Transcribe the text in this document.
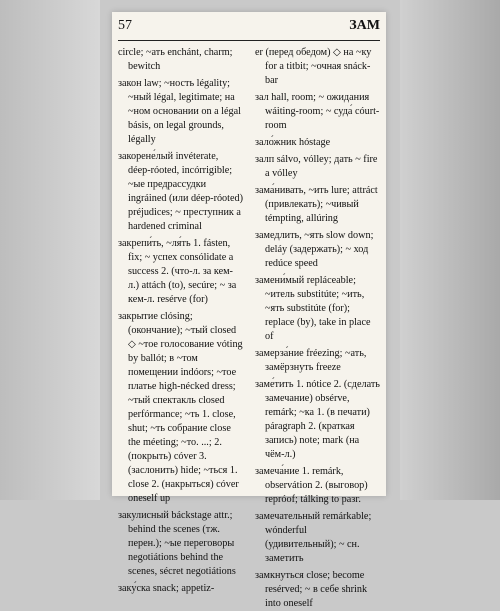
57	ЗАМ

circle; ~ать enchánt, charm; bewitch

закон law; ~ность légality; ~ный légal, legitimate; на ~ном основании on a légal básis, on legal grounds, légally

закорене́лый invéterate, déep-róoted, incórrigible; ~ые предрассудки ingráined (или déep-róoted) préjudices; ~ преступник a hardened criminal

закрепи́ть, ~ля́ть 1. fásten, fix; ~ успех consólidate a success 2. (что-л. за кем-л.) attách (to), secúre; ~ за кем-л. resérve (for)

закрытие clósing; (окончание); ~тый closed ◇ ~тое голосование vóting by ballót; в ~том помещении indóors; ~тое платье high-nécked dress; ~тый спектакль closed perfórmance; ~ть 1. close, shut; ~ть собрание close the méeting; ~то. ...; 2. (покрыть) cóver 3. (заслонить) hide; ~ться 1. close 2. (накрыться) cóver oneself up

закулисный báckstage attr.; behind the scenes (тж. перен.); ~ые переговоры negotiátions behind the scenes, sécret negotiátions

заку́ска snack; appetiz-

er (перед обедом) ◇ на ~ку for a titbit; ~очная snáck-bar

зал hall, room; ~ ожидания wáiting-room; ~ суда́ cóurt-room

зало́жник hóstage

залп sálvo, vólley; дать ~ fire a vólley

зама́нивать, ~ить lure; attráct (привлекать); ~чивый témpting, allúring

замедлить, ~ять slow down; deláy (задержать); ~ ход redúce speed

замени́мый repláceable; ~итель substitúte; ~ить, ~ять substitúte (for); replace (by), take in place of

замерза́ние fréezing; ~ать, замёрзнуть freeze

заме́тить 1. nótice 2. (сделать замечание) obsérve, remárk; ~ка 1. (в печати) páragraph 2. (краткая запись) note; mark (на чём-л.)

замеча́ние 1. remárk, observátion 2. (выговор) repróof; tálking to разг.

замечательный remárkable; wónderful (удивительный); ~ сн. заметить

замкнуться close; become resérved; ~ в себе shrink into oneself
